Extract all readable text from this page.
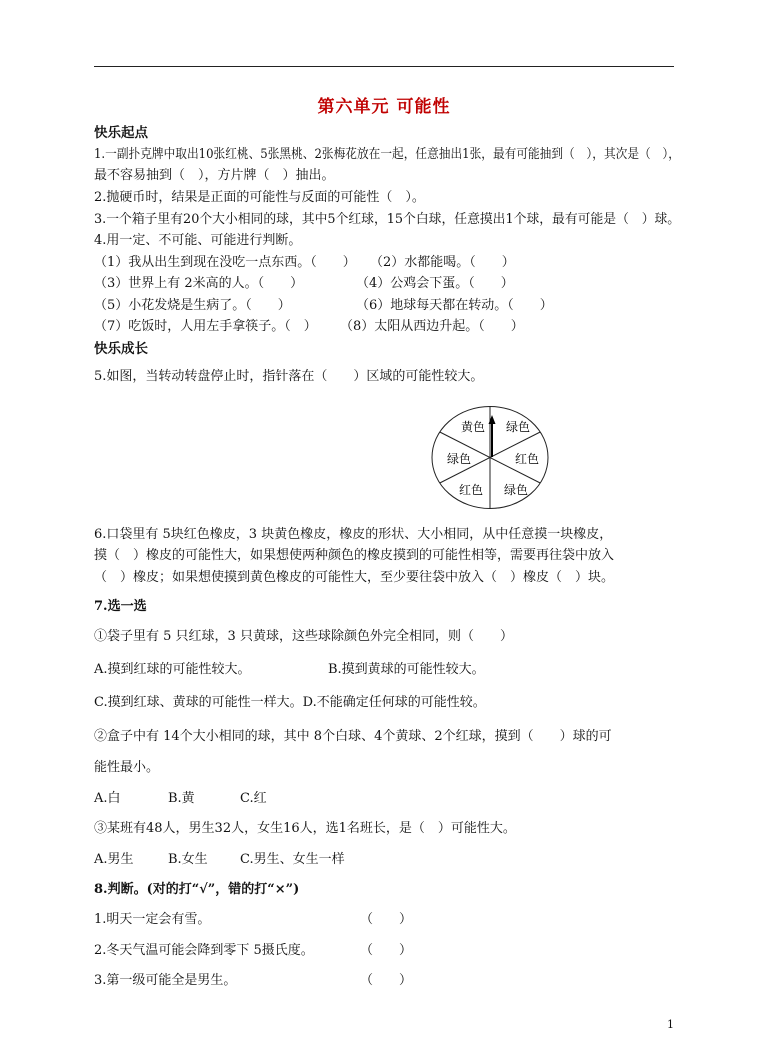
第六单元 可能性
快乐起点
1.一副扑克牌中取出10张红桃、5张黑桃、2张梅花放在一起，任意抽出1张，最有可能抽到（　），其次是（　），
最不容易抽到（　），方片牌（　）抽出。
2.抛硬币时，结果是正面的可能性与反面的可能性（　）。
3.一个箱子里有20个大小相同的球，其中5个红球，15个白球，任意摸出1个球，最有可能是（　）球。
4.用一定、不可能、可能进行判断。
（1）我从出生到现在没吃一点东西。（　　） （2）水都能喝。（　　）
（3）世界上有 2米高的人。（　　）	（4）公鸡会下蛋。（　　）
（5）小花发烧是生病了。（　　）	（6）地球每天都在转动。（　　）
（7）吃饭时，人用左手拿筷子。（　） （8）太阳从西边升起。（　　）
快乐成长
5.如图，当转动转盘停止时，指针落在（　　）区域的可能性较大。
黄色 绿色
红色
绿色
红色
绿色
6.口袋里有 5块红色橡皮，3 块黄色橡皮，橡皮的形状、大小相同，从中任意摸一块橡皮，
摸（　）橡皮的可能性大，如果想使两种颜色的橡皮摸到的可能性相等，需要再往袋中放入
（　）橡皮；如果想使摸到黄色橡皮的可能性大，至少要往袋中放入（　）橡皮（　）块。
7.选一选
①袋子里有 5 只红球，3 只黄球，这些球除颜色外完全相同，则（　　）
A.摸到红球的可能性较大。	B.摸到黄球的可能性较大。
C.摸到红球、黄球的可能性一样大。D.不能确定任何球的可能性较。
②盒子中有 14个大小相同的球，其中 8个白球、4个黄球、2个红球，摸到（　　）球的可
能性最小。
A.白	B.黄	C.红
③某班有48人，男生32人，女生16人，选1名班长，是（　）可能性大。
A.男生	B.女生 C.男生、女生一样
8.判断。(对的打“√”，错的打“×”)
1.明天一定会有雪。	（　　）
2.冬天气温可能会降到零下 5摄氏度。	（　　）
3.第一级可能全是男生。	（　　）
1
